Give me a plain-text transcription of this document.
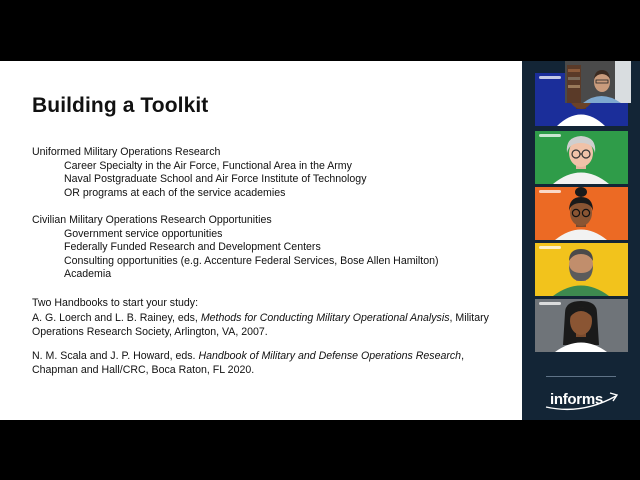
Building a Toolkit
Uniformed Military Operations Research
Career Specialty in the Air Force, Functional Area in the Army
Naval Postgraduate School and Air Force Institute of Technology
OR programs at each of the service academies
Civilian Military Operations Research Opportunities
Government service opportunities
Federally Funded Research and Development Centers
Consulting opportunities (e.g. Accenture Federal Services, Bose Allen Hamilton)
Academia
Two Handbooks to start your study:
A. G. Loerch and L. B. Rainey, eds, Methods for Conducting Military Operational Analysis, Military Operations Research Society, Arlington, VA, 2007.
N. M. Scala and J. P. Howard, eds. Handbook of Military and Defense Operations Research, Chapman and Hall/CRC, Boca Raton, FL 2020.
informs
